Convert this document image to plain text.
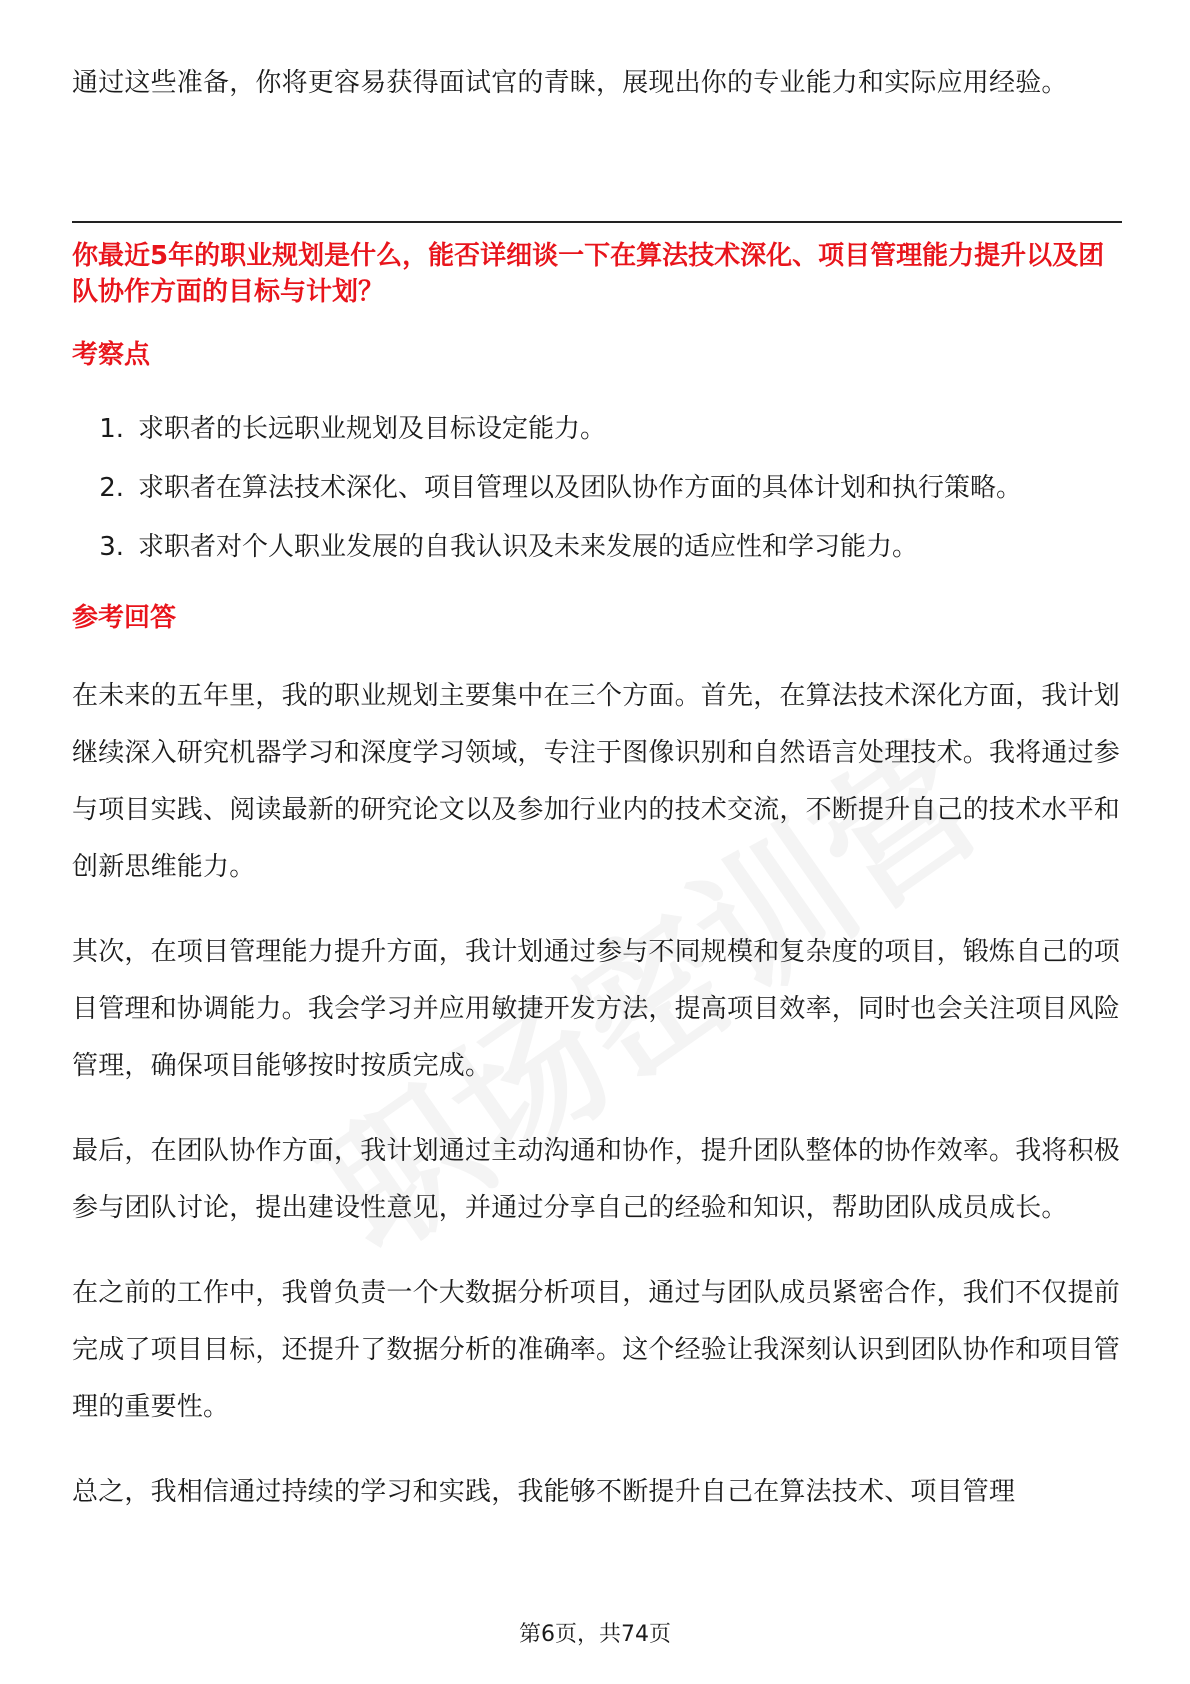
通过这些准备，你将更容易获得面试官的青睐，展现出你的专业能力和实际应用经验。

你最近5年的职业规划是什么，能否详细谈一下在算法技术深化、项目管理能力提升以及团队协作方面的目标与计划？
考察点
1. 求职者的长远职业规划及目标设定能力。
2. 求职者在算法技术深化、项目管理以及团队协作方面的具体计划和执行策略。
3. 求职者对个人职业发展的自我认识及未来发展的适应性和学习能力。
参考回答

在未来的五年里，我的职业规划主要集中在三个方面。首先，在算法技术深化方面，我计划继续深入研究机器学习和深度学习领域，专注于图像识别和自然语言处理技术。我将通过参与项目实践、阅读最新的研究论文以及参加行业内的技术交流，不断提升自己的技术水平和创新思维能力。

其次，在项目管理能力提升方面，我计划通过参与不同规模和复杂度的项目，锻炼自己的项目管理和协调能力。我会学习并应用敏捷开发方法，提高项目效率，同时也会关注项目风险管理，确保项目能够按时按质完成。

最后，在团队协作方面，我计划通过主动沟通和协作，提升团队整体的协作效率。我将积极参与团队讨论，提出建设性意见，并通过分享自己的经验和知识，帮助团队成员成长。

在之前的工作中，我曾负责一个大数据分析项目，通过与团队成员紧密合作，我们不仅提前完成了项目目标，还提升了数据分析的准确率。这个经验让我深刻认识到团队协作和项目管理的重要性。

总之，我相信通过持续的学习和实践，我能够不断提升自己在算法技术、项目管理

第6页，共74页
